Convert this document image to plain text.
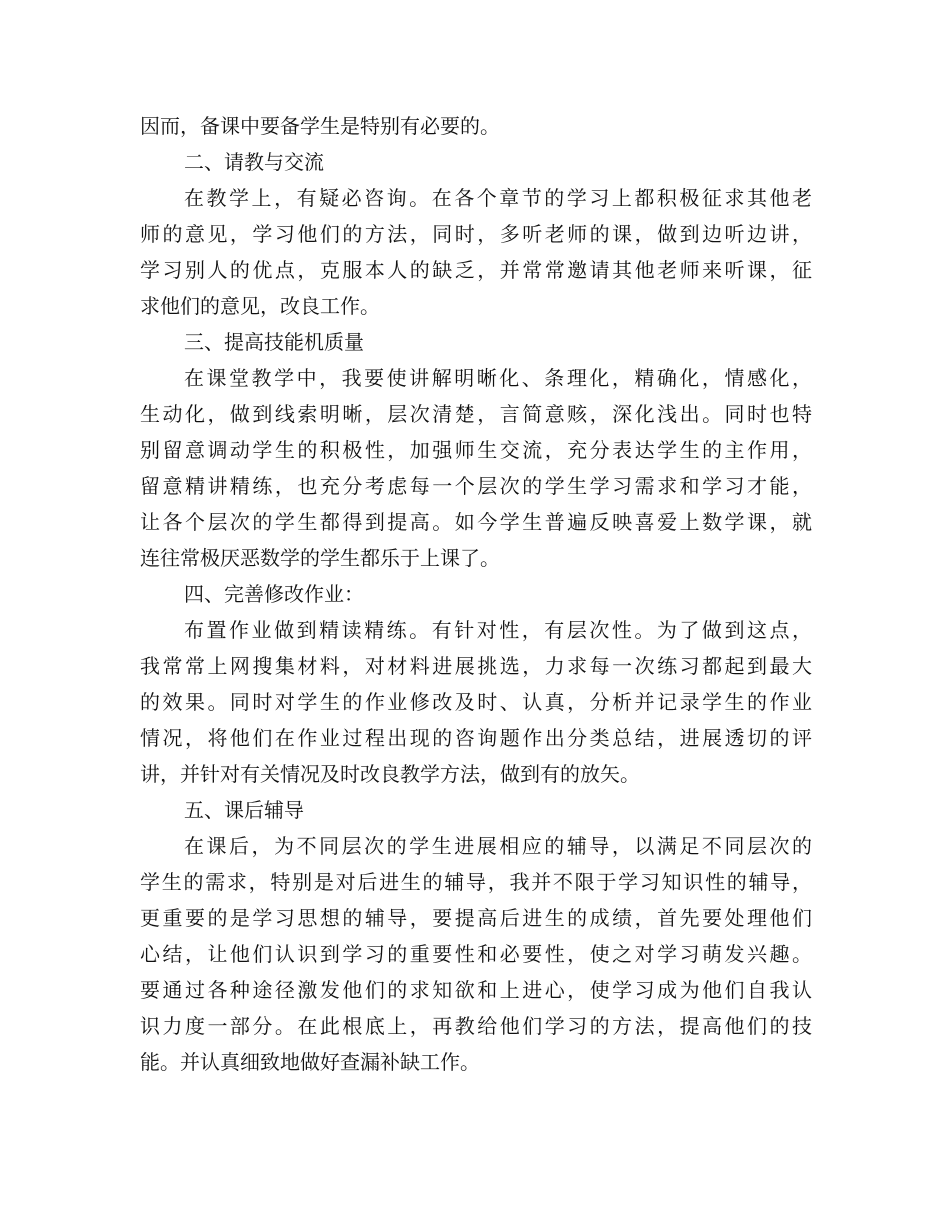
因而，备课中要备学生是特别有必要的。
二、请教与交流
在教学上，有疑必咨询。在各个章节的学习上都积极征求其他老
师的意见，学习他们的方法，同时，多听老师的课，做到边听边讲，
学习别人的优点，克服本人的缺乏，并常常邀请其他老师来听课，征
求他们的意见，改良工作。
三、提高技能机质量
在课堂教学中，我要使讲解明晰化、条理化，精确化，情感化，
生动化，做到线索明晰，层次清楚，言简意赅，深化浅出。同时也特
别留意调动学生的积极性，加强师生交流，充分表达学生的主作用，
留意精讲精练，也充分考虑每一个层次的学生学习需求和学习才能，
让各个层次的学生都得到提高。如今学生普遍反映喜爱上数学课，就
连往常极厌恶数学的学生都乐于上课了。
四、完善修改作业：
布置作业做到精读精练。有针对性，有层次性。为了做到这点，
我常常上网搜集材料，对材料进展挑选，力求每一次练习都起到最大
的效果。同时对学生的作业修改及时、认真，分析并记录学生的作业
情况，将他们在作业过程出现的咨询题作出分类总结，进展透切的评
讲，并针对有关情况及时改良教学方法，做到有的放矢。
五、课后辅导
在课后，为不同层次的学生进展相应的辅导，以满足不同层次的
学生的需求，特别是对后进生的辅导，我并不限于学习知识性的辅导，
更重要的是学习思想的辅导，要提高后进生的成绩，首先要处理他们
心结，让他们认识到学习的重要性和必要性，使之对学习萌发兴趣。
要通过各种途径激发他们的求知欲和上进心，使学习成为他们自我认
识力度一部分。在此根底上，再教给他们学习的方法，提高他们的技
能。并认真细致地做好查漏补缺工作。
